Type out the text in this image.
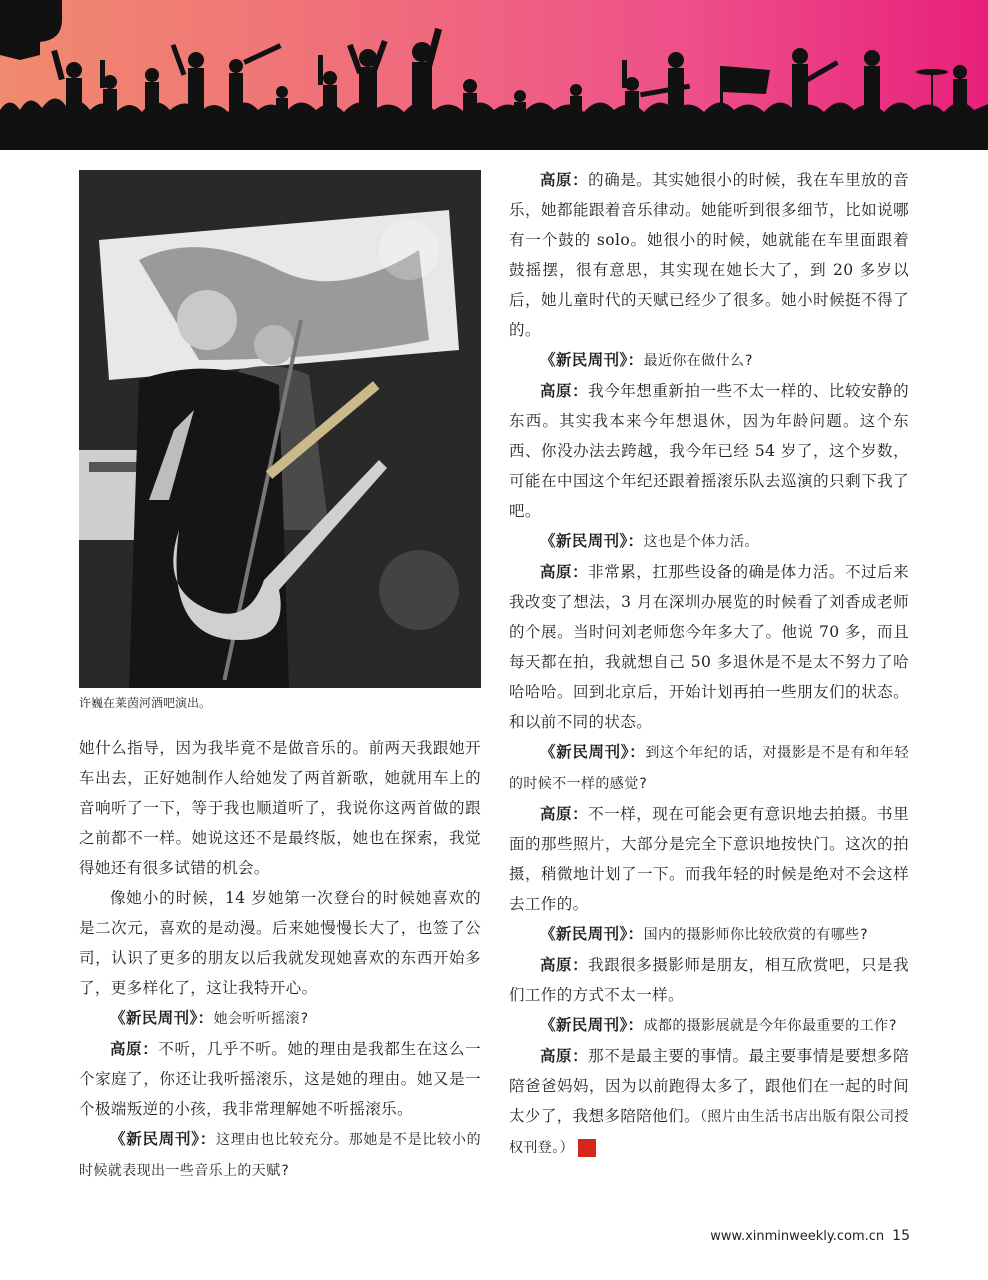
许巍在莱茵河酒吧演出。

她什么指导，因为我毕竟不是做音乐的。前两天我跟她开车出去，正好她制作人给她发了两首新歌，她就用车上的音响听了一下，等于我也顺道听了，我说你这两首做的跟之前都不一样。她说这还不是最终版，她也在探索，我觉得她还有很多试错的机会。

像她小的时候，14 岁她第一次登台的时候她喜欢的是二次元，喜欢的是动漫。后来她慢慢长大了，也签了公司，认识了更多的朋友以后我就发现她喜欢的东西开始多了，更多样化了，这让我特开心。

《新民周刊》：她会听听摇滚?

高原：不听，几乎不听。她的理由是我都生在这么一个家庭了，你还让我听摇滚乐，这是她的理由。她又是一个极端叛逆的小孩，我非常理解她不听摇滚乐。

《新民周刊》：这理由也比较充分。那她是不是比较小的时候就表现出一些音乐上的天赋?

高原：的确是。其实她很小的时候，我在车里放的音乐，她都能跟着音乐律动。她能听到很多细节，比如说哪有一个鼓的 solo。她很小的时候，她就能在车里面跟着鼓摇摆，很有意思，其实现在她长大了，到 20 多岁以后，她儿童时代的天赋已经少了很多。她小时候挺不得了的。

《新民周刊》：最近你在做什么?

高原：我今年想重新拍一些不太一样的、比较安静的东西。其实我本来今年想退休，因为年龄问题。这个东西、你没办法去跨越，我今年已经 54 岁了，这个岁数，可能在中国这个年纪还跟着摇滚乐队去巡演的只剩下我了吧。

《新民周刊》：这也是个体力活。

高原：非常累，扛那些设备的确是体力活。不过后来我改变了想法，3 月在深圳办展览的时候看了刘香成老师的个展。当时问刘老师您今年多大了。他说 70 多，而且每天都在拍，我就想自己 50 多退休是不是太不努力了哈哈哈哈。回到北京后，开始计划再拍一些朋友们的状态。和以前不同的状态。

《新民周刊》：到这个年纪的话，对摄影是不是有和年轻的时候不一样的感觉?

高原：不一样，现在可能会更有意识地去拍摄。书里面的那些照片，大部分是完全下意识地按快门。这次的拍摄，稍微地计划了一下。而我年轻的时候是绝对不会这样去工作的。

《新民周刊》：国内的摄影师你比较欣赏的有哪些?

高原：我跟很多摄影师是朋友，相互欣赏吧，只是我们工作的方式不太一样。

《新民周刊》：成都的摄影展就是今年你最重要的工作?

高原：那不是最主要的事情。最主要事情是要想多陪陪爸爸妈妈，因为以前跑得太多了，跟他们在一起的时间太少了，我想多陪陪他们。（照片由生活书店出版有限公司授权刊登。）	民

www.xinminweekly.com.cn 15
